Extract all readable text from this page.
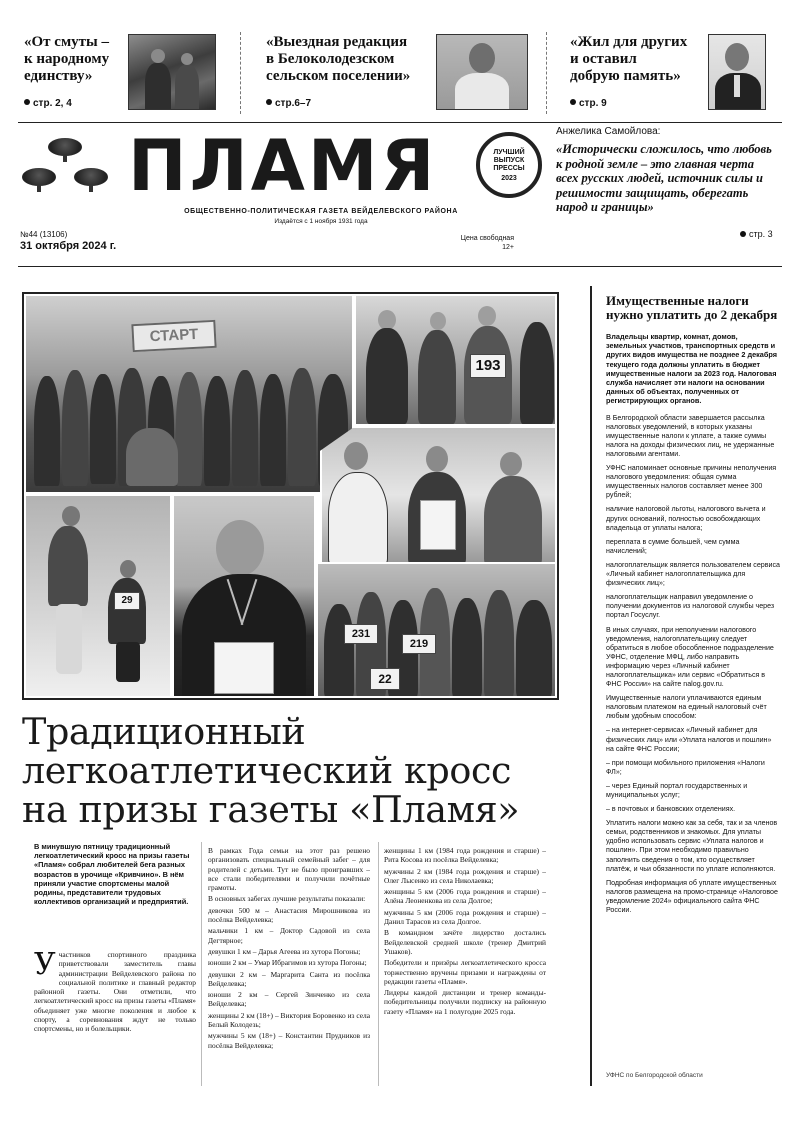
«От смуты –
к народному
единству»
стр. 2, 4
«Выездная редакция
в Белоколодезском
сельском поселении»
стр.6–7
«Жил для других
и оставил
добрую память»
стр. 9
ПЛАМЯ	ЛУЧШИЙ ВЫПУСК ПРЕССЫ
2023
ОБЩЕСТВЕННО-ПОЛИТИЧЕСКАЯ ГАЗЕТА ВЕЙДЕЛЕВСКОГО РАЙОНА
Издаётся с 1 ноября 1931 года
№44 (13106)
31 октября 2024 г.
Цена свободная
12+
Анжелика Самойлова:
«Исторически сложилось, что любовь к родной земле – это главная черта всех русских людей, источник силы и решимости защищать, оберегать народ и границы»
стр. 3
СТАРТ
193
29
231
219
22
Традиционный легкоатлетический кросс на призы газеты «Пламя»
В минувшую пятницу традиционный легкоатлетический кросс на призы газеты «Пламя» собрал любителей бега разных возрастов в урочище «Кривчино». В нём приняли участие спортсмены малой родины, представители трудовых коллективов организаций и предприятий.
Участников спортивного праздника приветствовали заместитель главы администрации Вейделевского района по социальной политике и главный редактор районной газеты. Они отметили, что легкоатлетический кросс на призы газеты «Пламя» объединяет уже многие поколения и любое к спорту, а соревнования ждут не только спортсмены, но и болельщики.

В рамках Года семьи на этот раз решено организовать специальный семейный забег – для родителей с детьми. Тут не было проигравших – все стали победителями и получили почётные грамоты.

В основных забегах лучшие результаты показали:

девочки 500 м – Анастасия Мирошникова из посёлка Вейделевка;

мальчики 1 км – Доктор Садовой из села Дегтярное;

девушки 1 км – Дарья Агеева из хутора Погоны;

юноши 2 км – Умар Ибрагимов из хутора Погоны;

девушки 2 км – Маргарита Санта из посёлка Вейделевка;

юноши 2 км – Сергей Зинченко из села Вейделевка;

женщины 2 км (18+) – Виктория Боровенко из села Белый Колодезь;

мужчины 5 км (18+) – Константин Прудников из посёлка Вейделевка;

женщины 1 км (1984 года рождения и старше) – Рита Косова из посёлка Вейделевка;

мужчины 2 км (1984 года рождения и старше) – Олег Лысенко из села Николаевка;

женщины 5 км (2006 года рождения и старше) – Алёна Леоненкова из села Долгое;

мужчины 5 км (2006 года рождения и старше) – Данил Тарасов из села Долгое.

В командном зачёте лидерство достались Вейделевской средней школе (тренер Дмитрий Ушаков).

Победители и призёры легкоатлетического кросса торжественно вручены призами и награждены от редакции газеты «Пламя».

Лидеры каждой дистанции и тренер команды-победительницы получили подписку на районную газету «Пламя» на 1 полугодие 2025 года.

Имущественные налоги нужно уплатить до 2 декабря
Владельцы квартир, комнат, домов, земельных участков, транспортных средств и других видов имущества не позднее 2 декабря текущего года должны уплатить в бюджет имущественные налоги за 2023 год. Налоговая служба начисляет эти налоги на основании данных об объектах, полученных от регистрирующих органов.

В Белгородской области завершается рассылка налоговых уведомлений, в которых указаны имущественные налоги к уплате, а также суммы налога на доходы физических лиц, не удержанные налоговыми агентами.

УФНС напоминает основные причины неполучения налогового уведомления: общая сумма имущественных налогов составляет менее 300 рублей;

наличие налоговой льготы, налогового вычета и других оснований, полностью освобождающих владельца от уплаты налога;

переплата в сумме большей, чем сумма начислений;

налогоплательщик является пользователем сервиса «Личный кабинет налогоплательщика для физических лиц»;

налогоплательщик направил уведомление о получении документов из налоговой службы через портал Госуслуг.

В иных случаях, при неполучении налогового уведомления, налогоплательщику следует обратиться в любое обособленное подразделение УФНС, отделение МФЦ, либо направить информацию через «Личный кабинет налогоплательщика» или сервис «Обратиться в ФНС России» на сайте nalog.gov.ru.

Имущественные налоги уплачиваются единым налоговым платежом на единый налоговый счёт любым удобным способом:

– на интернет-сервисах «Личный кабинет для физических лиц» или «Уплата налогов и пошлин» на сайте ФНС России;

– при помощи мобильного приложения «Налоги ФЛ»;

– через Единый портал государственных и муниципальных услуг;

– в почтовых и банковских отделениях.

Уплатить налоги можно как за себя, так и за членов семьи, родственников и знакомых. Для уплаты удобно использовать сервис «Уплата налогов и пошлин». При этом необходимо правильно заполнить сведения о том, кто осуществляет платёж, и чьи обязанности по уплате исполняются.

Подробная информация об уплате имущественных налогов размещена на промо-странице «Налоговое уведомление 2024» официального сайта ФНС России.

УФНС по Белгородской области
